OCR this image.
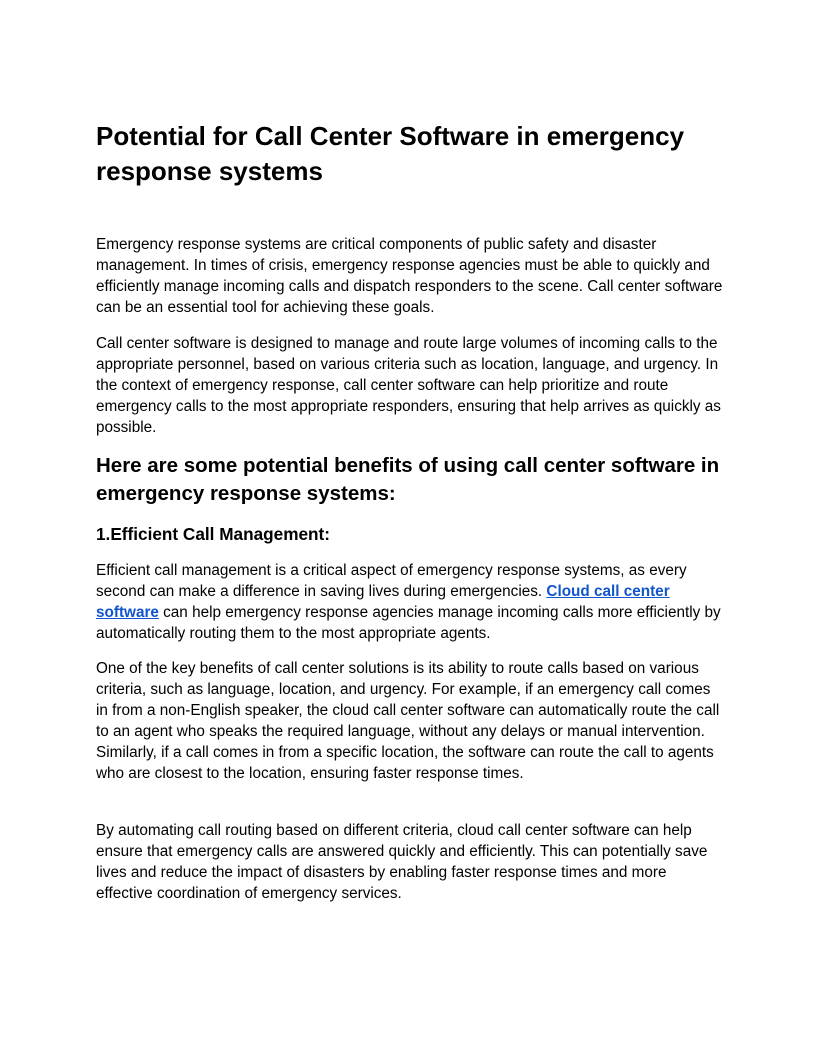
Potential for Call Center Software in emergency response systems

Emergency response systems are critical components of public safety and disaster management. In times of crisis, emergency response agencies must be able to quickly and efficiently manage incoming calls and dispatch responders to the scene. Call center software can be an essential tool for achieving these goals.

Call center software is designed to manage and route large volumes of incoming calls to the appropriate personnel, based on various criteria such as location, language, and urgency. In the context of emergency response, call center software can help prioritize and route emergency calls to the most appropriate responders, ensuring that help arrives as quickly as possible.

Here are some potential benefits of using call center software in emergency response systems:
1.Efficient Call Management:

Efficient call management is a critical aspect of emergency response systems, as every second can make a difference in saving lives during emergencies. Cloud call center software can help emergency response agencies manage incoming calls more efficiently by automatically routing them to the most appropriate agents.

One of the key benefits of call center solutions is its ability to route calls based on various criteria, such as language, location, and urgency. For example, if an emergency call comes in from a non-English speaker, the cloud call center software can automatically route the call to an agent who speaks the required language, without any delays or manual intervention. Similarly, if a call comes in from a specific location, the software can route the call to agents who are closest to the location, ensuring faster response times.

By automating call routing based on different criteria, cloud call center software can help ensure that emergency calls are answered quickly and efficiently. This can potentially save lives and reduce the impact of disasters by enabling faster response times and more effective coordination of emergency services.
